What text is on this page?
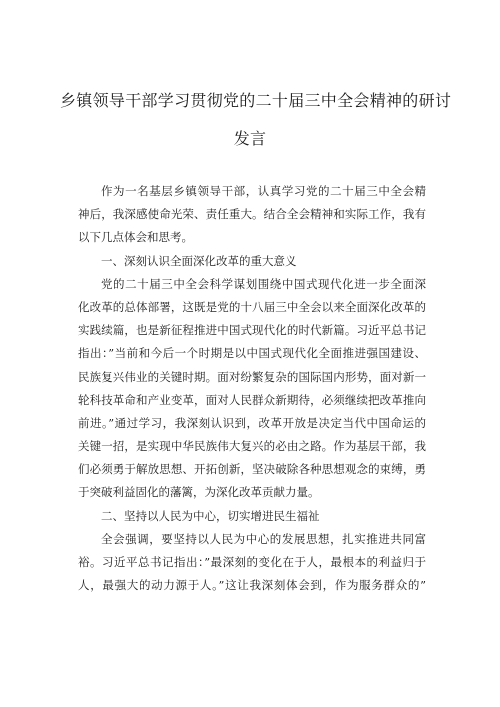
乡镇领导干部学习贯彻党的二十届三中全会精神的研讨
发言
作为一名基层乡镇领导干部，认真学习党的二十届三中全会精
神后，我深感使命光荣、责任重大。结合全会精神和实际工作，我有
以下几点体会和思考。
一、深刻认识全面深化改革的重大意义
党的二十届三中全会科学谋划围绕中国式现代化进一步全面深
化改革的总体部署，这既是党的十八届三中全会以来全面深化改革的
实践续篇，也是新征程推进中国式现代化的时代新篇。习近平总书记
指出：”当前和今后一个时期是以中国式现代化全面推进强国建设、
民族复兴伟业的关键时期。面对纷繁复杂的国际国内形势，面对新一
轮科技革命和产业变革，面对人民群众新期待，必须继续把改革推向
前进。”通过学习，我深刻认识到，改革开放是决定当代中国命运的
关键一招，是实现中华民族伟大复兴的必由之路。作为基层干部，我
们必须勇于解放思想、开拓创新，坚决破除各种思想观念的束缚，勇
于突破利益固化的藩篱，为深化改革贡献力量。
二、坚持以人民为中心，切实增进民生福祉
全会强调，要坚持以人民为中心的发展思想，扎实推进共同富
裕。习近平总书记指出：”最深刻的变化在于人，最根本的利益归于
人，最强大的动力源于人。”这让我深刻体会到，作为服务群众的”
